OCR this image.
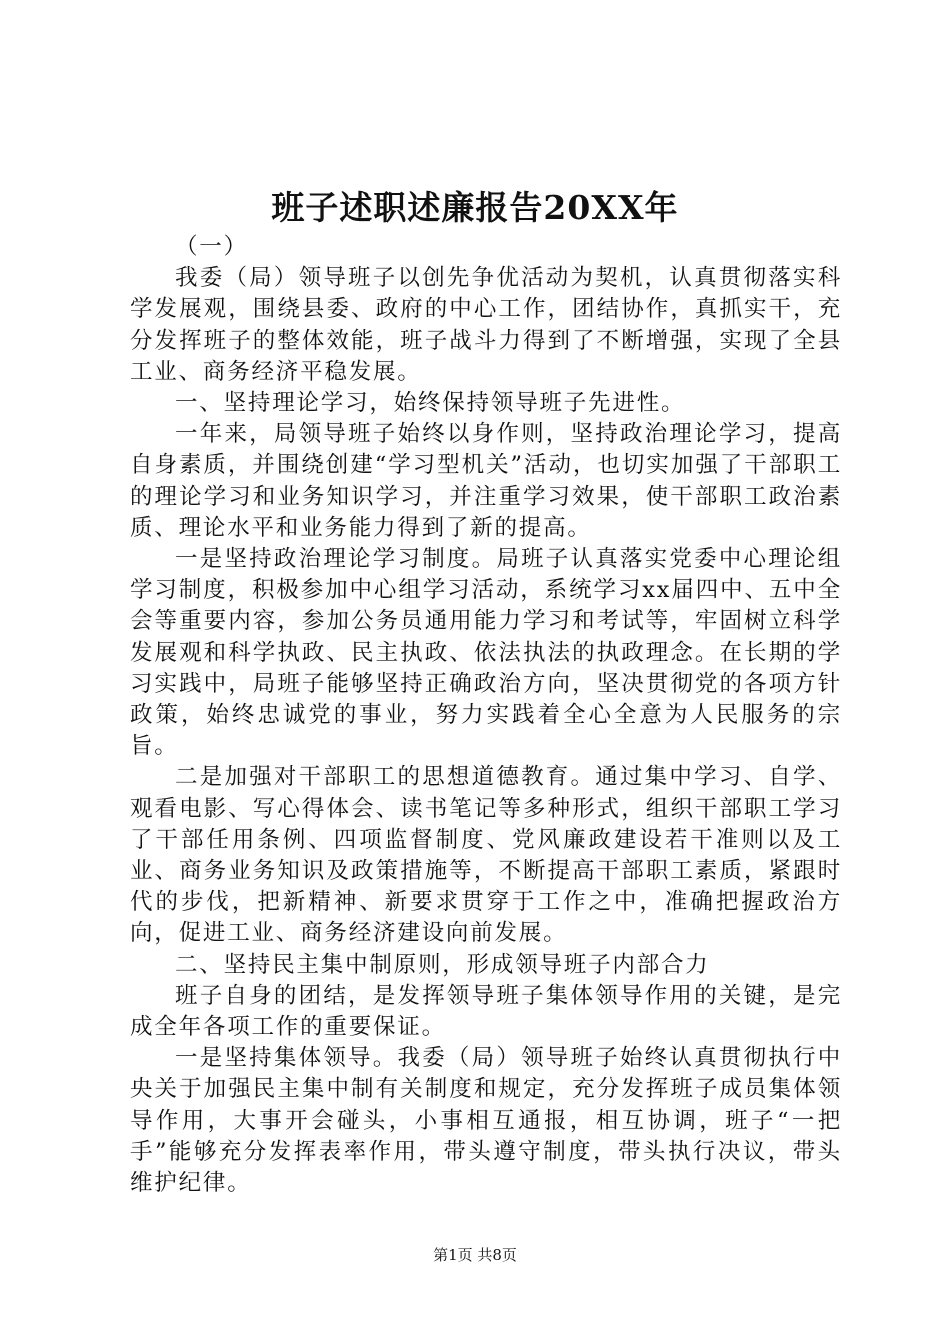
班子述职述廉报告20XX年

（一）

我委（局）领导班子以创先争优活动为契机，认真贯彻落实科学发展观，围绕县委、政府的中心工作，团结协作，真抓实干，充分发挥班子的整体效能，班子战斗力得到了不断增强，实现了全县工业、商务经济平稳发展。

一、坚持理论学习，始终保持领导班子先进性。

一年来，局领导班子始终以身作则，坚持政治理论学习，提高自身素质，并围绕创建“学习型机关”活动，也切实加强了干部职工的理论学习和业务知识学习，并注重学习效果，使干部职工政治素质、理论水平和业务能力得到了新的提高。

一是坚持政治理论学习制度。局班子认真落实党委中心理论组学习制度，积极参加中心组学习活动，系统学习xx届四中、五中全会等重要内容，参加公务员通用能力学习和考试等，牢固树立科学发展观和科学执政、民主执政、依法执法的执政理念。在长期的学习实践中，局班子能够坚持正确政治方向，坚决贯彻党的各项方针政策，始终忠诚党的事业，努力实践着全心全意为人民服务的宗旨。

二是加强对干部职工的思想道德教育。通过集中学习、自学、观看电影、写心得体会、读书笔记等多种形式，组织干部职工学习了干部任用条例、四项监督制度、党风廉政建设若干准则以及工业、商务业务知识及政策措施等，不断提高干部职工素质，紧跟时代的步伐，把新精神、新要求贯穿于工作之中，准确把握政治方向，促进工业、商务经济建设向前发展。

二、坚持民主集中制原则，形成领导班子内部合力

班子自身的团结，是发挥领导班子集体领导作用的关键，是完成全年各项工作的重要保证。

一是坚持集体领导。我委（局）领导班子始终认真贯彻执行中央关于加强民主集中制有关制度和规定，充分发挥班子成员集体领导作用，大事开会碰头，小事相互通报，相互协调，班子“一把手”能够充分发挥表率作用，带头遵守制度，带头执行决议，带头维护纪律。

第1页 共8页
